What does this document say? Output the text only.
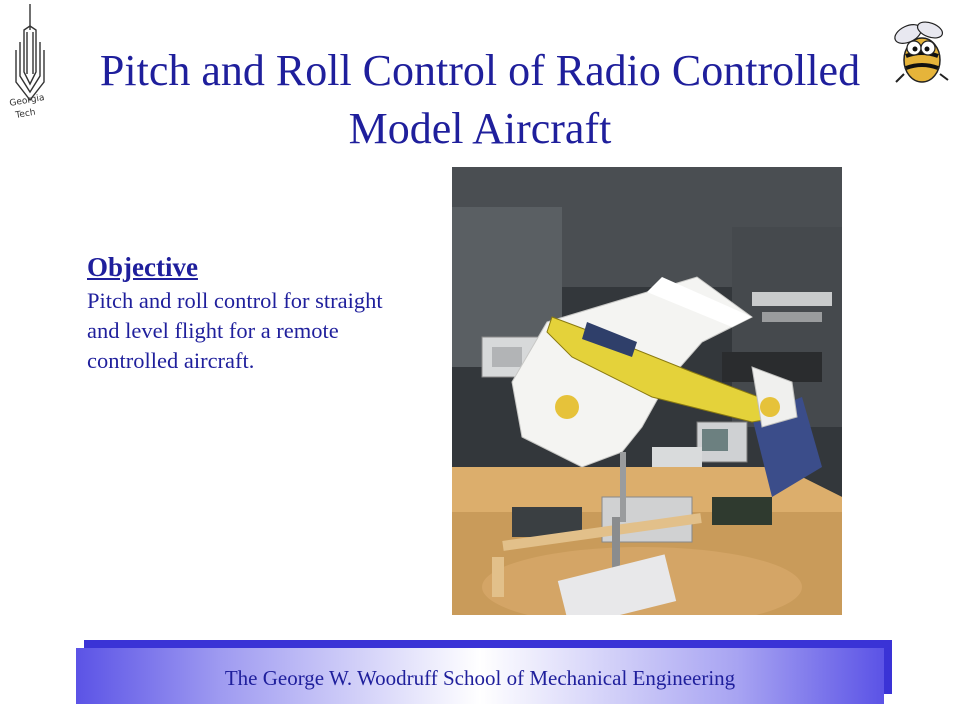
Georgia
Tech
Pitch and Roll Control of Radio Controlled Model Aircraft
Objective

Pitch and roll control for straight and level flight for a remote controlled aircraft.

The George W. Woodruff School of Mechanical Engineering
